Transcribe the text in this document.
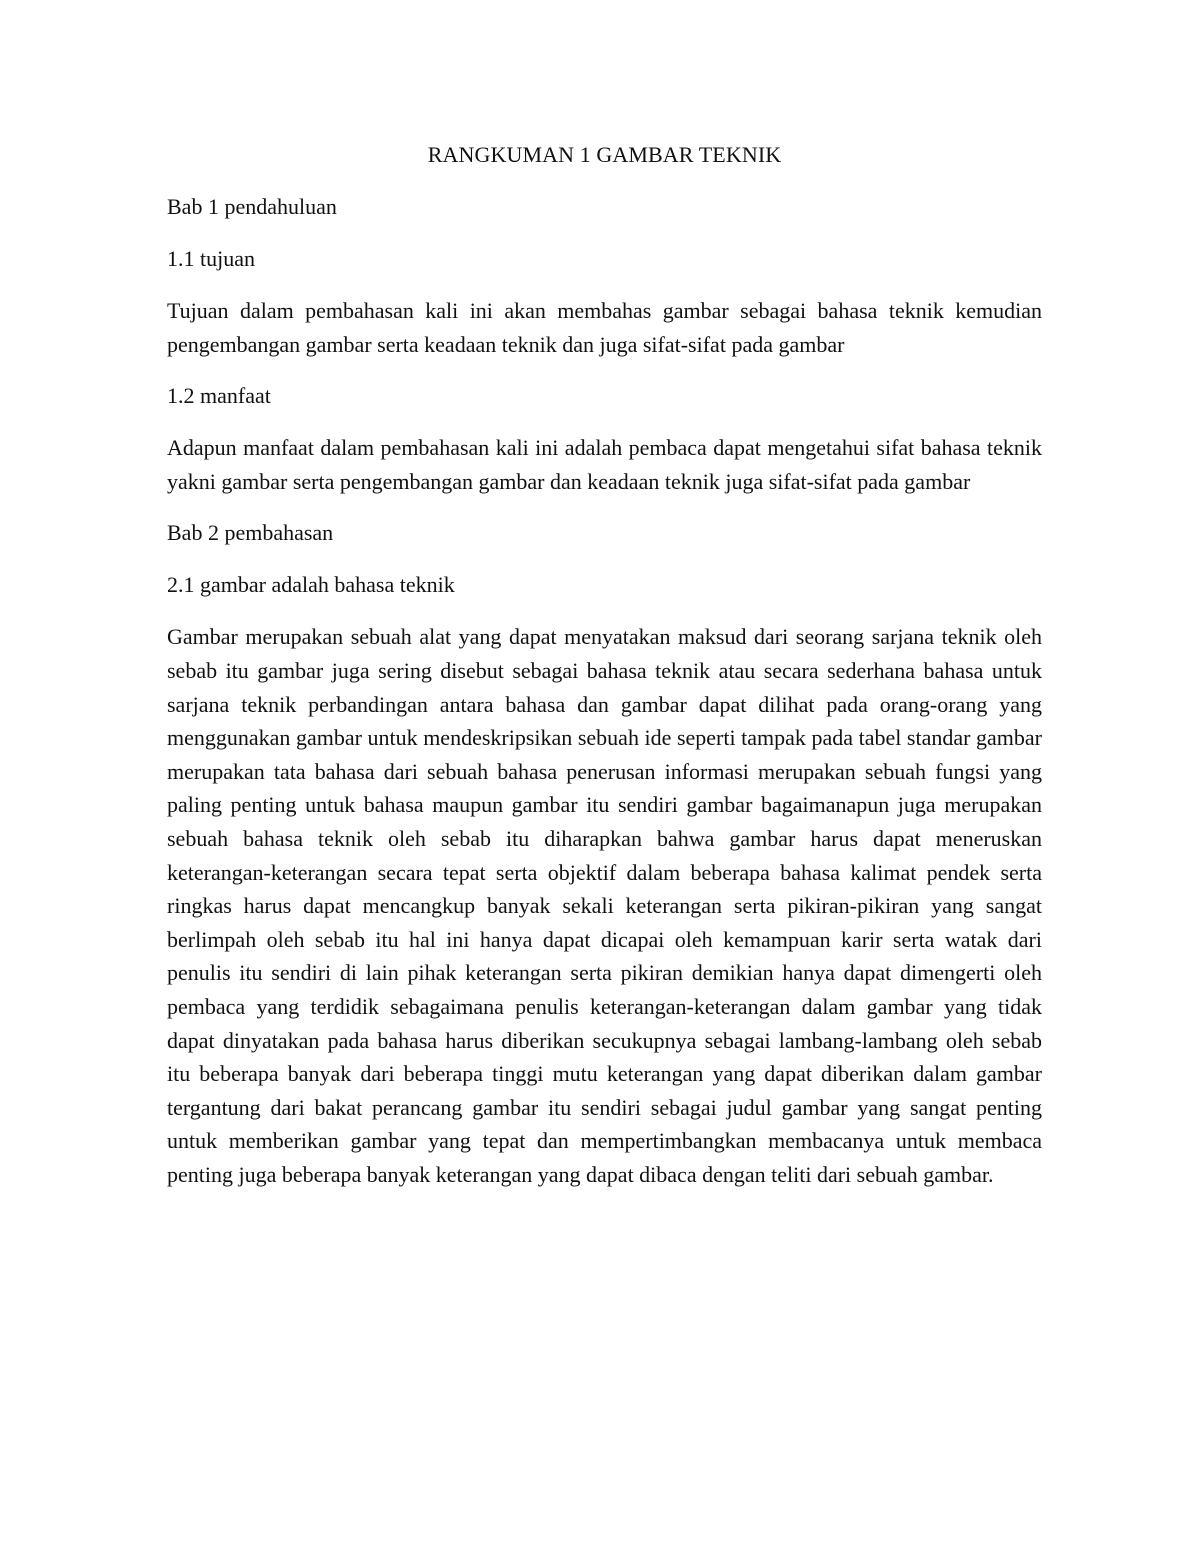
RANGKUMAN 1 GAMBAR TEKNIK
Bab 1 pendahuluan
1.1 tujuan
Tujuan dalam pembahasan kali ini akan membahas gambar sebagai bahasa teknik kemudian pengembangan gambar serta keadaan teknik dan juga sifat-sifat pada gambar
1.2 manfaat
Adapun manfaat dalam pembahasan kali ini adalah pembaca dapat mengetahui sifat bahasa teknik yakni gambar serta pengembangan gambar dan keadaan teknik juga sifat-sifat pada gambar
Bab 2 pembahasan
2.1 gambar adalah bahasa teknik
Gambar merupakan sebuah alat yang dapat menyatakan maksud dari seorang sarjana teknik oleh sebab itu gambar juga sering disebut sebagai bahasa teknik atau secara sederhana bahasa untuk sarjana teknik perbandingan antara bahasa dan gambar dapat dilihat pada orang-orang yang menggunakan gambar untuk mendeskripsikan sebuah ide seperti tampak pada tabel standar gambar merupakan tata bahasa dari sebuah bahasa penerusan informasi merupakan sebuah fungsi yang paling penting untuk bahasa maupun gambar itu sendiri gambar bagaimanapun juga merupakan sebuah bahasa teknik oleh sebab itu diharapkan bahwa gambar harus dapat meneruskan keterangan-keterangan secara tepat serta objektif dalam beberapa bahasa kalimat pendek serta ringkas harus dapat mencangkup banyak sekali keterangan serta pikiran-pikiran yang sangat berlimpah oleh sebab itu hal ini hanya dapat dicapai oleh kemampuan karir serta watak dari penulis itu sendiri di lain pihak keterangan serta pikiran demikian hanya dapat dimengerti oleh pembaca yang terdidik sebagaimana penulis keterangan-keterangan dalam gambar yang tidak dapat dinyatakan pada bahasa harus diberikan secukupnya sebagai lambang-lambang oleh sebab itu beberapa banyak dari beberapa tinggi mutu keterangan yang dapat diberikan dalam gambar tergantung dari bakat perancang gambar itu sendiri sebagai judul gambar yang sangat penting untuk memberikan gambar yang tepat dan mempertimbangkan membacanya untuk membaca penting juga beberapa banyak keterangan yang dapat dibaca dengan teliti dari sebuah gambar.
